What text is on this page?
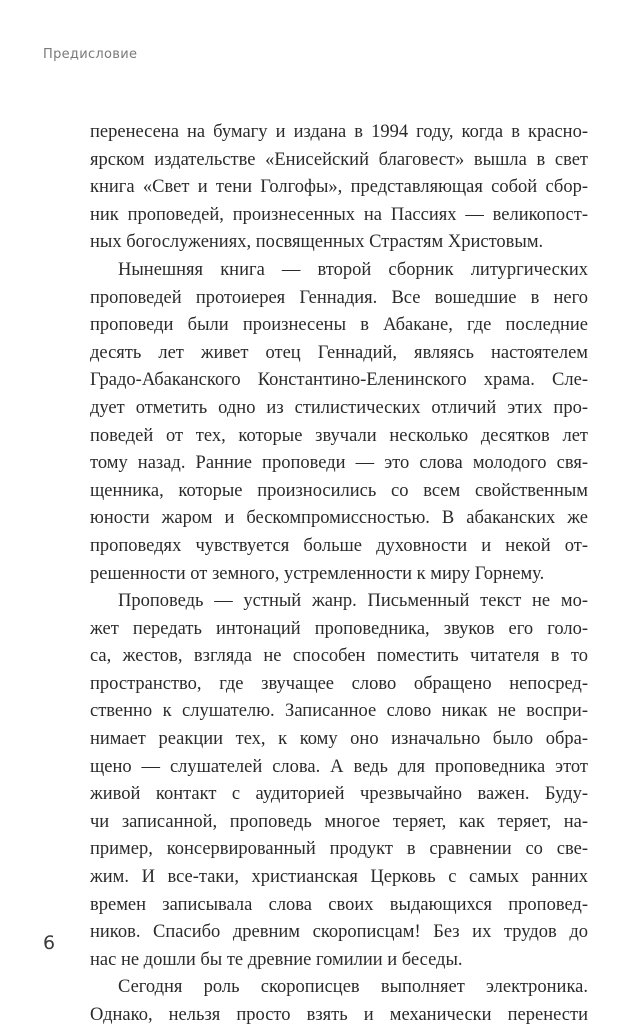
Предисловие
перенесена на бумагу и издана в 1994 году, когда в красно-
ярском издательстве «Енисейский благовест» вышла в свет
книга «Свет и тени Голгофы», представляющая собой сбор-
ник проповедей, произнесенных на Пассиях — великопост-
ных богослужениях, посвященных Страстям Христовым.
Нынешняя книга — второй сборник литургических
проповедей протоиерея Геннадия. Все вошедшие в него
проповеди были произнесены в Абакане, где последние
десять лет живет отец Геннадий, являясь настоятелем
Градо-Абаканского Константино-Еленинского храма. Сле-
дует отметить одно из стилистических отличий этих про-
поведей от тех, которые звучали несколько десятков лет
тому назад. Ранние проповеди — это слова молодого свя-
щенника, которые произносились со всем свойственным
юности жаром и бескомпромиссностью. В абаканских же
проповедях чувствуется больше духовности и некой от-
решенности от земного, устремленности к миру Горнему.
Проповедь — устный жанр. Письменный текст не мо-
жет передать интонаций проповедника, звуков его голо-
са, жестов, взгляда не способен поместить читателя в то
пространство, где звучащее слово обращено непосред-
ственно к слушателю. Записанное слово никак не воспри-
нимает реакции тех, к кому оно изначально было обра-
щено — слушателей слова. А ведь для проповедника этот
живой контакт с аудиторией чрезвычайно важен. Буду-
чи записанной, проповедь многое теряет, как теряет, на-
пример, консервированный продукт в сравнении со све-
жим. И все-таки, христианская Церковь с самых ранних
времен записывала слова своих выдающихся проповед-
ников. Спасибо древним скорописцам! Без их трудов до
нас не дошли бы те древние гомилии и беседы.
Сегодня роль скорописцев выполняет электроника.
Однако, нельзя просто взять и механически перенести
6
